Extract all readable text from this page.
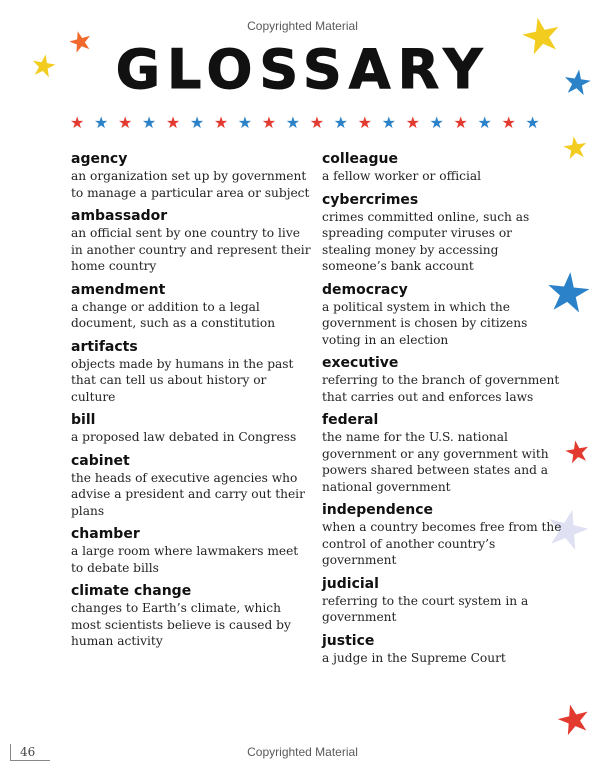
Copyrighted Material
GLOSSARY
★ ★ ★ ★ ★ ★ ★ ★ ★ ★ ★ ★ ★ ★ ★ ★ ★ ★ ★ ★
★
★	★
★
★
★
★
★
★
agency
an organization set up by government to manage a particular area or subject
ambassador
an official sent by one country to live in another country and represent their home country
amendment
a change or addition to a legal document, such as a constitution
artifacts
objects made by humans in the past that can tell us about history or culture
bill
a proposed law debated in Congress
cabinet
the heads of executive agencies who advise a president and carry out their plans
chamber
a large room where lawmakers meet to debate bills
climate change
changes to Earth’s climate, which most scientists believe is caused by human activity
colleague
a fellow worker or official
cybercrimes
crimes committed online, such as spreading computer viruses or stealing money by accessing someone’s bank account
democracy
a political system in which the government is chosen by citizens voting in an election
executive
referring to the branch of government that carries out and enforces laws
federal
the name for the U.S. national government or any government with powers shared between states and a national government
independence
when a country becomes free from the control of another country’s government
judicial
referring to the court system in a government
justice
a judge in the Supreme Court
46	Copyrighted Material
